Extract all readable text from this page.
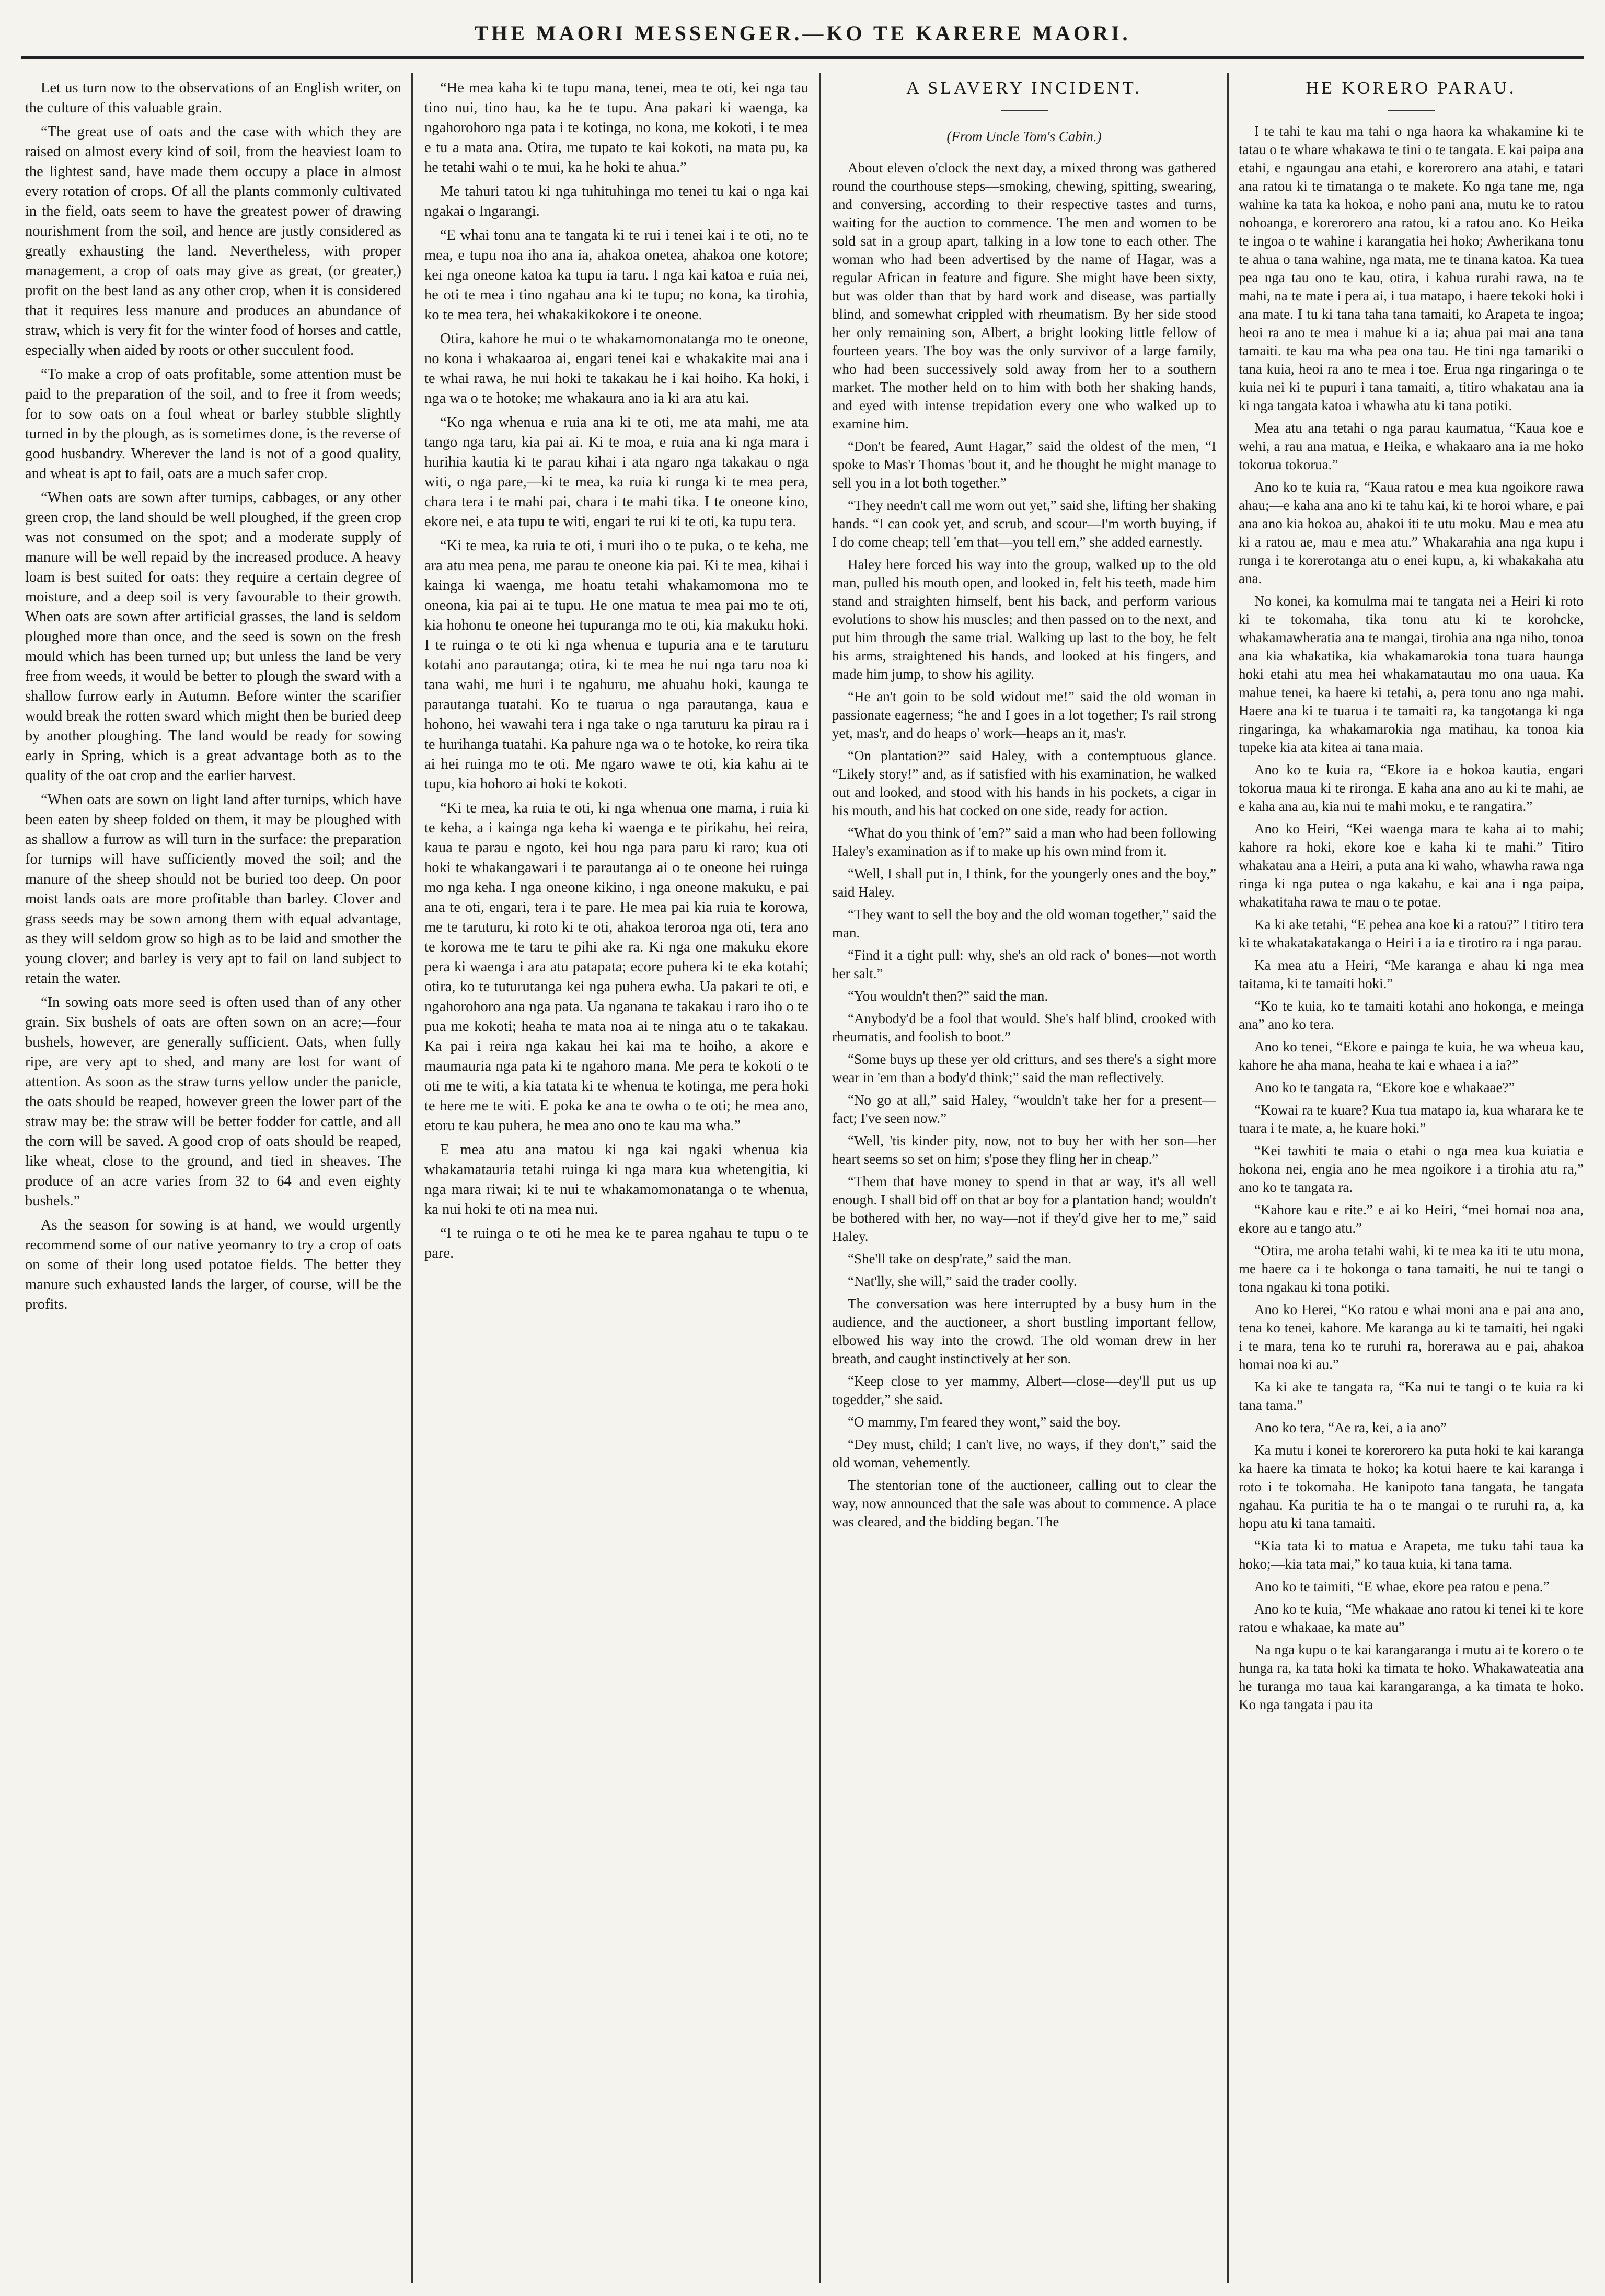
THE MAORI MESSENGER.—KO TE KARERE MAORI.

Let us turn now to the observations of an English writer, on the culture of this valuable grain.

“The great use of oats and the case with which they are raised on almost every kind of soil, from the heaviest loam to the lightest sand, have made them occupy a place in almost every rotation of crops. Of all the plants commonly cultivated in the field, oats seem to have the greatest power of drawing nourishment from the soil, and hence are justly considered as greatly exhausting the land. Nevertheless, with proper management, a crop of oats may give as great, (or greater,) profit on the best land as any other crop, when it is considered that it requires less manure and produces an abundance of straw, which is very fit for the winter food of horses and cattle, especially when aided by roots or other succulent food.

“To make a crop of oats profitable, some attention must be paid to the preparation of the soil, and to free it from weeds; for to sow oats on a foul wheat or barley stubble slightly turned in by the plough, as is sometimes done, is the reverse of good husbandry. Wherever the land is not of a good quality, and wheat is apt to fail, oats are a much safer crop.

“When oats are sown after turnips, cabbages, or any other green crop, the land should be well ploughed, if the green crop was not consumed on the spot; and a moderate supply of manure will be well repaid by the increased produce. A heavy loam is best suited for oats: they require a certain degree of moisture, and a deep soil is very favourable to their growth. When oats are sown after artificial grasses, the land is seldom ploughed more than once, and the seed is sown on the fresh mould which has been turned up; but unless the land be very free from weeds, it would be better to plough the sward with a shallow furrow early in Autumn. Before winter the scarifier would break the rotten sward which might then be buried deep by another ploughing. The land would be ready for sowing early in Spring, which is a great advantage both as to the quality of the oat crop and the earlier harvest.

“When oats are sown on light land after turnips, which have been eaten by sheep folded on them, it may be ploughed with as shallow a furrow as will turn in the surface: the preparation for turnips will have sufficiently moved the soil; and the manure of the sheep should not be buried too deep. On poor moist lands oats are more profitable than barley. Clover and grass seeds may be sown among them with equal advantage, as they will seldom grow so high as to be laid and smother the young clover; and barley is very apt to fail on land subject to retain the water.

“In sowing oats more seed is often used than of any other grain. Six bushels of oats are often sown on an acre;—four bushels, however, are generally sufficient. Oats, when fully ripe, are very apt to shed, and many are lost for want of attention. As soon as the straw turns yellow under the panicle, the oats should be reaped, however green the lower part of the straw may be: the straw will be better fodder for cattle, and all the corn will be saved. A good crop of oats should be reaped, like wheat, close to the ground, and tied in sheaves. The produce of an acre varies from 32 to 64 and even eighty bushels.”

As the season for sowing is at hand, we would urgently recommend some of our native yeomanry to try a crop of oats on some of their long used potatoe fields. The better they manure such exhausted lands the larger, of course, will be the profits.

“He mea kaha ki te tupu mana, tenei, mea te oti, kei nga tau tino nui, tino hau, ka he te tupu. Ana pakari ki waenga, ka ngahorohoro nga pata i te kotinga, no kona, me kokoti, i te mea e tu a mata ana. Otira, me tupato te kai kokoti, na mata pu, ka he tetahi wahi o te mui, ka he hoki te ahua.”

Me tahuri tatou ki nga tuhituhinga mo tenei tu kai o nga kai ngakai o Ingarangi.

“E whai tonu ana te tangata ki te rui i tenei kai i te oti, no te mea, e tupu noa iho ana ia, ahakoa onetea, ahakoa one kotore; kei nga oneone katoa ka tupu ia taru. I nga kai katoa e ruia nei, he oti te mea i tino ngahau ana ki te tupu; no kona, ka tirohia, ko te mea tera, hei whakakikokore i te oneone.

Otira, kahore he mui o te whakamomonatanga mo te oneone, no kona i whakaaroa ai, engari tenei kai e whakakite mai ana i te whai rawa, he nui hoki te takakau he i kai hoiho. Ka hoki, i nga wa o te hotoke; me whakaura ano ia ki ara atu kai.

“Ko nga whenua e ruia ana ki te oti, me ata mahi, me ata tango nga taru, kia pai ai. Ki te moa, e ruia ana ki nga mara i hurihia kautia ki te parau kihai i ata ngaro nga takakau o nga witi, o nga pare,—ki te mea, ka ruia ki runga ki te mea pera, chara tera i te mahi pai, chara i te mahi tika. I te oneone kino, ekore nei, e ata tupu te witi, engari te rui ki te oti, ka tupu tera.

“Ki te mea, ka ruia te oti, i muri iho o te puka, o te keha, me ara atu mea pena, me parau te oneone kia pai. Ki te mea, kihai i kainga ki waenga, me hoatu tetahi whakamomona mo te oneona, kia pai ai te tupu. He one matua te mea pai mo te oti, kia hohonu te oneone hei tupuranga mo te oti, kia makuku hoki. I te ruinga o te oti ki nga whenua e tupuria ana e te taruturu kotahi ano parautanga; otira, ki te mea he nui nga taru noa ki tana wahi, me huri i te ngahuru, me ahuahu hoki, kaunga te parautanga tuatahi. Ko te tuarua o nga parautanga, kaua e hohono, hei wawahi tera i nga take o nga taruturu ka pirau ra i te hurihanga tuatahi. Ka pahure nga wa o te hotoke, ko reira tika ai hei ruinga mo te oti. Me ngaro wawe te oti, kia kahu ai te tupu, kia hohoro ai hoki te kokoti.

“Ki te mea, ka ruia te oti, ki nga whenua one mama, i ruia ki te keha, a i kainga nga keha ki waenga e te pirikahu, hei reira, kaua te parau e ngoto, kei hou nga para paru ki raro; kua oti hoki te whakangawari i te parautanga ai o te oneone hei ruinga mo nga keha. I nga oneone kikino, i nga oneone makuku, e pai ana te oti, engari, tera i te pare. He mea pai kia ruia te korowa, me te taruturu, ki roto ki te oti, ahakoa teroroa nga oti, tera ano te korowa me te taru te pihi ake ra. Ki nga one makuku ekore pera ki waenga i ara atu patapata; ecore puhera ki te eka kotahi; otira, ko te tuturutanga kei nga puhera ewha. Ua pakari te oti, e ngahorohoro ana nga pata. Ua nganana te takakau i raro iho o te pua me kokoti; heaha te mata noa ai te ninga atu o te takakau. Ka pai i reira nga kakau hei kai ma te hoiho, a akore e maumauria nga pata ki te ngahoro mana. Me pera te kokoti o te oti me te witi, a kia tatata ki te whenua te kotinga, me pera hoki te here me te witi. E poka ke ana te owha o te oti; he mea ano, etoru te kau puhera, he mea ano ono te kau ma wha.”

E mea atu ana matou ki nga kai ngaki whenua kia whakamatauria tetahi ruinga ki nga mara kua whetengitia, ki nga mara riwai; ki te nui te whakamomonatanga o te whenua, ka nui hoki te oti na mea nui.

“I te ruinga o te oti he mea ke te parea ngahau te tupu o te pare.

A SLAVERY INCIDENT.
(From Uncle Tom's Cabin.)

About eleven o'clock the next day, a mixed throng was gathered round the courthouse steps—smoking, chewing, spitting, swearing, and conversing, according to their respective tastes and turns, waiting for the auction to commence. The men and women to be sold sat in a group apart, talking in a low tone to each other. The woman who had been advertised by the name of Hagar, was a regular African in feature and figure. She might have been sixty, but was older than that by hard work and disease, was partially blind, and somewhat crippled with rheumatism. By her side stood her only remaining son, Albert, a bright looking little fellow of fourteen years. The boy was the only survivor of a large family, who had been successively sold away from her to a southern market. The mother held on to him with both her shaking hands, and eyed with intense trepidation every one who walked up to examine him.

“Don't be feared, Aunt Hagar,” said the oldest of the men, “I spoke to Mas'r Thomas 'bout it, and he thought he might manage to sell you in a lot both together.”

“They needn't call me worn out yet,” said she, lifting her shaking hands. “I can cook yet, and scrub, and scour—I'm worth buying, if I do come cheap; tell 'em that—you tell em,” she added earnestly.

Haley here forced his way into the group, walked up to the old man, pulled his mouth open, and looked in, felt his teeth, made him stand and straighten himself, bent his back, and perform various evolutions to show his muscles; and then passed on to the next, and put him through the same trial. Walking up last to the boy, he felt his arms, straightened his hands, and looked at his fingers, and made him jump, to show his agility.

“He an't goin to be sold widout me!” said the old woman in passionate eagerness; “he and I goes in a lot together; I's rail strong yet, mas'r, and do heaps o' work—heaps an it, mas'r.

“On plantation?” said Haley, with a contemptuous glance. “Likely story!” and, as if satisfied with his examination, he walked out and looked, and stood with his hands in his pockets, a cigar in his mouth, and his hat cocked on one side, ready for action.

“What do you think of 'em?” said a man who had been following Haley's examination as if to make up his own mind from it.

“Well, I shall put in, I think, for the youngerly ones and the boy,” said Haley.

“They want to sell the boy and the old woman together,” said the man.

“Find it a tight pull: why, she's an old rack o' bones—not worth her salt.”

“You wouldn't then?” said the man.

“Anybody'd be a fool that would. She's half blind, crooked with rheumatis, and foolish to boot.”

“Some buys up these yer old critturs, and ses there's a sight more wear in 'em than a body'd think;” said the man reflectively.

“No go at all,” said Haley, “wouldn't take her for a present—fact; I've seen now.”

“Well, 'tis kinder pity, now, not to buy her with her son—her heart seems so set on him; s'pose they fling her in cheap.”

“Them that have money to spend in that ar way, it's all well enough. I shall bid off on that ar boy for a plantation hand; wouldn't be bothered with her, no way—not if they'd give her to me,” said Haley.

“She'll take on desp'rate,” said the man.

“Nat'lly, she will,” said the trader coolly.

The conversation was here interrupted by a busy hum in the audience, and the auctioneer, a short bustling important fellow, elbowed his way into the crowd. The old woman drew in her breath, and caught instinctively at her son.

“Keep close to yer mammy, Albert—close—dey'll put us up togedder,” she said.

“O mammy, I'm feared they wont,” said the boy.

“Dey must, child; I can't live, no ways, if they don't,” said the old woman, vehemently.

The stentorian tone of the auctioneer, calling out to clear the way, now announced that the sale was about to commence. A place was cleared, and the bidding began. The

HE KORERO PARAU.

I te tahi te kau ma tahi o nga haora ka whakamine ki te tatau o te whare whakawa te tini o te tangata. E kai paipa ana etahi, e ngaungau ana etahi, e korerorero ana atahi, e tatari ana ratou ki te timatanga o te makete. Ko nga tane me, nga wahine ka tata ka hokoa, e noho pani ana, mutu ke to ratou nohoanga, e korerorero ana ratou, ki a ratou ano. Ko Heika te ingoa o te wahine i karangatia hei hoko; Awherikana tonu te ahua o tana wahine, nga mata, me te tinana katoa. Ka tuea pea nga tau ono te kau, otira, i kahua rurahi rawa, na te mahi, na te mate i pera ai, i tua matapo, i haere tekoki hoki i ana mate. I tu ki tana taha tana tamaiti, ko Arapeta te ingoa; heoi ra ano te mea i mahue ki a ia; ahua pai mai ana tana tamaiti. te kau ma wha pea ona tau. He tini nga tamariki o tana kuia, heoi ra ano te mea i toe. Erua nga ringaringa o te kuia nei ki te pupuri i tana tamaiti, a, titiro whakatau ana ia ki nga tangata katoa i whawha atu ki tana potiki.

Mea atu ana tetahi o nga parau kaumatua, “Kaua koe e wehi, a rau ana matua, e Heika, e whakaaro ana ia me hoko tokorua tokorua.”

Ano ko te kuia ra, “Kaua ratou e mea kua ngoikore rawa ahau;—e kaha ana ano ki te tahu kai, ki te horoi whare, e pai ana ano kia hokoa au, ahakoi iti te utu moku. Mau e mea atu ki a ratou ae, mau e mea atu.” Whakarahia ana nga kupu i runga i te korerotanga atu o enei kupu, a, ki whakakaha atu ana.

No konei, ka komulma mai te tangata nei a Heiri ki roto ki te tokomaha, tika tonu atu ki te korohcke, whakamawheratia ana te mangai, tirohia ana nga niho, tonoa ana kia whakatika, kia whakamarokia tona tuara haunga hoki etahi atu mea hei whakamatautau mo ona uaua. Ka mahue tenei, ka haere ki tetahi, a, pera tonu ano nga mahi. Haere ana ki te tuarua i te tamaiti ra, ka tangotanga ki nga ringaringa, ka whakamarokia nga matihau, ka tonoa kia tupeke kia ata kitea ai tana maia.

Ano ko te kuia ra, “Ekore ia e hokoa kautia, engari tokorua maua ki te rironga. E kaha ana ano au ki te mahi, ae e kaha ana au, kia nui te mahi moku, e te rangatira.”

Ano ko Heiri, “Kei waenga mara te kaha ai to mahi; kahore ra hoki, ekore koe e kaha ki te mahi.” Titiro whakatau ana a Heiri, a puta ana ki waho, whawha rawa nga ringa ki nga putea o nga kakahu, e kai ana i nga paipa, whakatitaha rawa te mau o te potae.

Ka ki ake tetahi, “E pehea ana koe ki a ratou?” I titiro tera ki te whakatakatakanga o Heiri i a ia e tirotiro ra i nga parau.

Ka mea atu a Heiri, “Me karanga e ahau ki nga mea taitama, ki te tamaiti hoki.”

“Ko te kuia, ko te tamaiti kotahi ano hokonga, e meinga ana” ano ko tera.

Ano ko tenei, “Ekore e painga te kuia, he wa wheua kau, kahore he aha mana, heaha te kai e whaea i a ia?”

Ano ko te tangata ra, “Ekore koe e whakaae?”

“Kowai ra te kuare? Kua tua matapo ia, kua wharara ke te tuara i te mate, a, he kuare hoki.”

“Kei tawhiti te maia o etahi o nga mea kua kuiatia e hokona nei, engia ano he mea ngoikore i a tirohia atu ra,” ano ko te tangata ra.

“Kahore kau e rite.” e ai ko Heiri, “mei homai noa ana, ekore au e tango atu.”

“Otira, me aroha tetahi wahi, ki te mea ka iti te utu mona, me haere ca i te hokonga o tana tamaiti, he nui te tangi o tona ngakau ki tona potiki.

Ano ko Herei, “Ko ratou e whai moni ana e pai ana ano, tena ko tenei, kahore. Me karanga au ki te tamaiti, hei ngaki i te mara, tena ko te ruruhi ra, horerawa au e pai, ahakoa homai noa ki au.”

Ka ki ake te tangata ra, “Ka nui te tangi o te kuia ra ki tana tama.”

Ano ko tera, “Ae ra, kei, a ia ano”

Ka mutu i konei te korerorero ka puta hoki te kai karanga ka haere ka timata te hoko; ka kotui haere te kai karanga i roto i te tokomaha. He kanipoto tana tangata, he tangata ngahau. Ka puritia te ha o te mangai o te ruruhi ra, a, ka hopu atu ki tana tamaiti.

“Kia tata ki to matua e Arapeta, me tuku tahi taua ka hoko;—kia tata mai,” ko taua kuia, ki tana tama.

Ano ko te taimiti, “E whae, ekore pea ratou e pena.”

Ano ko te kuia, “Me whakaae ano ratou ki tenei ki te kore ratou e whakaae, ka mate au”

Na nga kupu o te kai karangaranga i mutu ai te korero o te hunga ra, ka tata hoki ka timata te hoko. Whakawateatia ana he turanga mo taua kai karangaranga, a ka timata te hoko. Ko nga tangata i pau ita
